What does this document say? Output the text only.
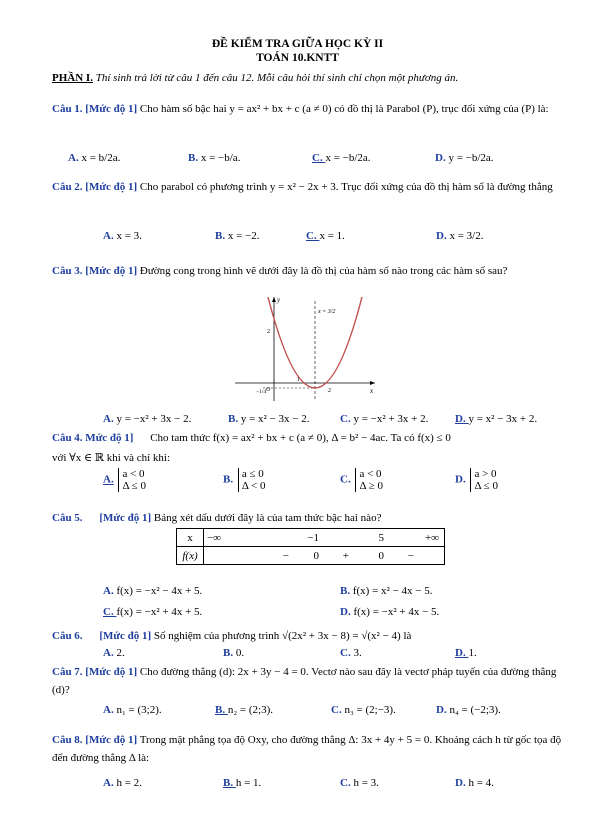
ĐỀ KIỂM TRA GIỮA HỌC KỲ II
TOÁN 10.KNTT
PHẦN I. Thí sinh trả lời từ câu 1 đến câu 12. Mỗi câu hỏi thí sinh chỉ chọn một phương án.
Câu 1. [Mức độ 1] Cho hàm số bậc hai y = ax² + bx + c (a ≠ 0) có đồ thị là Parabol (P), trục đối xứng của (P) là:
A. x = b/2a.	B. x = −b/a.	C. x = −b/2a.	D. y = −b/2a.
Câu 2. [Mức độ 1] Cho parabol có phương trình y = x² − 2x + 3. Trục đối xứng của đồ thị hàm số là đường thẳng
A. x = 3.	B. x = −2.	C. x = 1.	D. x = 3/2.
Câu 3. [Mức độ 1] Đường cong trong hình vẽ dưới đây là đồ thị của hàm số nào trong các hàm số sau?
y
x
O
x = 3/2
2
1
2
−1/4
A. y = −x² + 3x − 2.	B. y = x² − 3x − 2.	C. y = −x² + 3x + 2. D. y = x² − 3x + 2.
Câu 4. Mức độ 1] Cho tam thức f(x) = ax² + bx + c (a ≠ 0), Δ = b² − 4ac. Ta có f(x) ≤ 0
với ∀x ∈ ℝ khi và chỉ khi:
A. a < 0
Δ ≤ 0
B. a ≤ 0
Δ < 0
C. a < 0
Δ ≥ 0
D. a > 0
Δ ≤ 0
Câu 5. [Mức độ 1] Bảng xét dấu dưới đây là của tam thức bậc hai nào?
x	−∞ −1 5 +∞
f(x)	− 0 + 0 −
A. f(x) = −x² − 4x + 5.	B. f(x) = x² − 4x − 5.
C. f(x) = −x² + 4x + 5.	D. f(x) = −x² + 4x − 5.
Câu 6. [Mức độ 1] Số nghiệm của phương trình √(2x² + 3x − 8) = √(x² − 4) là
A. 2.	B. 0.	C. 3.	D. 1.
Câu 7. [Mức độ 1] Cho đường thẳng (d): 2x + 3y − 4 = 0. Vectơ nào sau đây là vectơ pháp tuyến của đường thẳng (d)?
A. n₁ = (3;2).	B. n₂ = (2;3).	C. n₃ = (2;−3).	D. n₄ = (−2;3).
Câu 8. [Mức độ 1] Trong mặt phẳng tọa độ Oxy, cho đường thẳng Δ: 3x + 4y + 5 = 0. Khoảng cách h từ gốc tọa độ đến đường thẳng Δ là:
A. h = 2.	B. h = 1.	C. h = 3.	D. h = 4.
